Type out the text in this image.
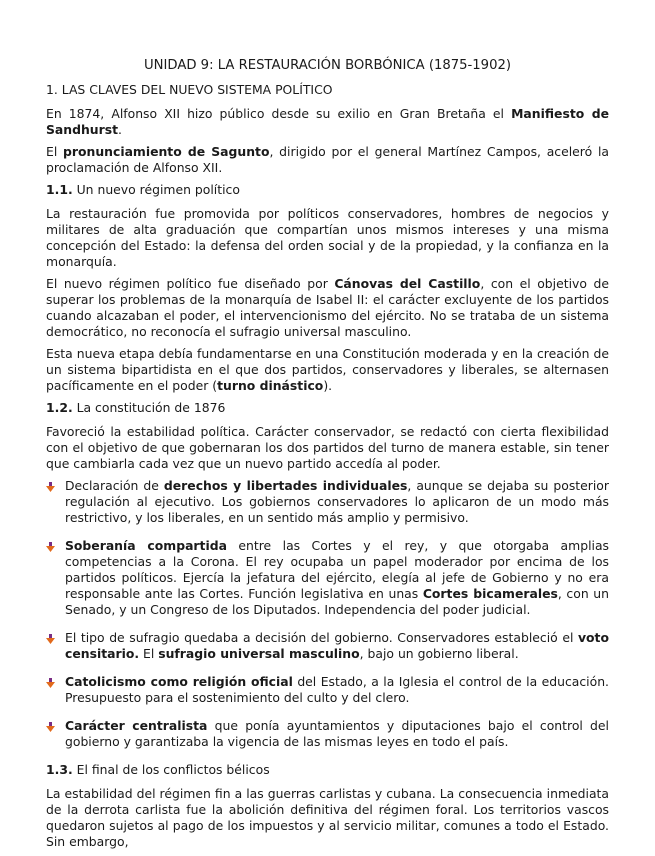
UNIDAD 9: LA RESTAURACIÓN BORBÓNICA (1875-1902)
1. LAS CLAVES DEL NUEVO SISTEMA POLÍTICO

En 1874, Alfonso XII hizo público desde su exilio en Gran Bretaña el Manifiesto de Sandhurst.

El pronunciamiento de Sagunto, dirigido por el general Martínez Campos, aceleró la proclamación de Alfonso XII.

1.1. Un nuevo régimen político

La restauración fue promovida por políticos conservadores, hombres de negocios y militares de alta graduación que compartían unos mismos intereses y una misma concepción del Estado: la defensa del orden social y de la propiedad, y la confianza en la monarquía.

El nuevo régimen político fue diseñado por Cánovas del Castillo, con el objetivo de superar los problemas de la monarquía de Isabel II: el carácter excluyente de los partidos cuando alcazaban el poder, el intervencionismo del ejército. No se trataba de un sistema democrático, no reconocía el sufragio universal masculino.

Esta nueva etapa debía fundamentarse en una Constitución moderada y en la creación de un sistema bipartidista en el que dos partidos, conservadores y liberales, se alternasen pacíficamente en el poder (turno dinástico).

1.2. La constitución de 1876

Favoreció la estabilidad política. Carácter conservador, se redactó con cierta flexibilidad con el objetivo de que gobernaran los dos partidos del turno de manera estable, sin tener que cambiarla cada vez que un nuevo partido accedía al poder.

Declaración de derechos y libertades individuales, aunque se dejaba su posterior regulación al ejecutivo. Los gobiernos conservadores lo aplicaron de un modo más restrictivo, y los liberales, en un sentido más amplio y permisivo.
Soberanía compartida entre las Cortes y el rey, y que otorgaba amplias competencias a la Corona. El rey ocupaba un papel moderador por encima de los partidos políticos. Ejercía la jefatura del ejército, elegía al jefe de Gobierno y no era responsable ante las Cortes. Función legislativa en unas Cortes bicamerales, con un Senado, y un Congreso de los Diputados. Independencia del poder judicial.
El tipo de sufragio quedaba a decisión del gobierno. Conservadores estableció el voto censitario. El sufragio universal masculino, bajo un gobierno liberal.
Catolicismo como religión oficial del Estado, a la Iglesia el control de la educación. Presupuesto para el sostenimiento del culto y del clero.
Carácter centralista que ponía ayuntamientos y diputaciones bajo el control del gobierno y garantizaba la vigencia de las mismas leyes en todo el país.
1.3. El final de los conflictos bélicos

La estabilidad del régimen fin a las guerras carlistas y cubana. La consecuencia inmediata de la derrota carlista fue la abolición definitiva del régimen foral. Los territorios vascos quedaron sujetos al pago de los impuestos y al servicio militar, comunes a todo el Estado. Sin embargo,
